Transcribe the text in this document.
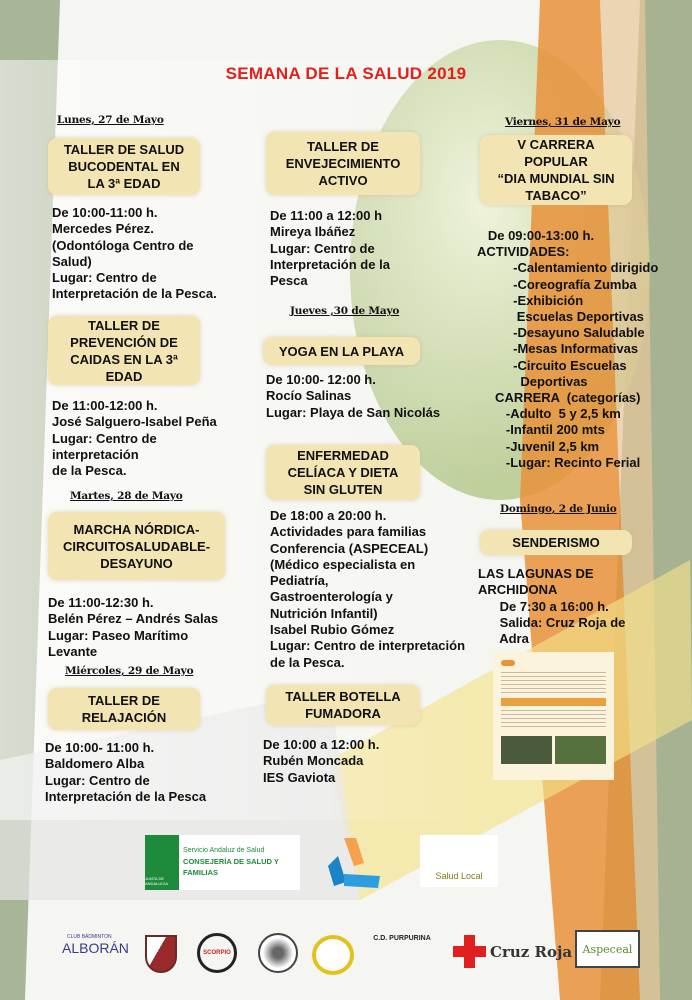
SEMANA DE LA SALUD 2019
Lunes, 27 de Mayo
TALLER DE SALUD
BUCODENTAL EN
LA 3ª EDAD
De 10:00-11:00 h.
Mercedes Pérez.
(Odontóloga Centro de
Salud)
Lugar: Centro de
Interpretación de la Pesca.
TALLER DE
PREVENCIÓN DE
CAIDAS EN LA 3ª
EDAD
De 11:00-12:00 h.
José Salguero-Isabel Peña
Lugar: Centro de
interpretación
de la Pesca.
Martes, 28 de Mayo
MARCHA NÓRDICA-
CIRCUITOSALUDABLE-
DESAYUNO
De 11:00-12:30 h.
Belén Pérez – Andrés Salas
Lugar: Paseo Marítimo
Levante
Miércoles, 29 de Mayo
TALLER DE
RELAJACIÓN
De 10:00- 11:00 h.
Baldomero Alba
Lugar: Centro de
Interpretación de la Pesca
TALLER DE
ENVEJECIMIENTO
ACTIVO
De 11:00 a 12:00 h
Mireya Ibáñez
Lugar: Centro de
Interpretación de la
Pesca
Jueves ,30 de Mayo
YOGA EN LA PLAYA
De 10:00- 12:00 h.
Rocío Salinas
Lugar: Playa de San Nicolás
ENFERMEDAD
CELÍACA Y DIETA
SIN GLUTEN
De 18:00 a 20:00 h.
Actividades para familias
Conferencia (ASPECEAL)
(Médico especialista en
Pediatría,
Gastroenterología y
Nutrición Infantil)
Isabel Rubio Gómez
Lugar: Centro de interpretación
de la Pesca.
TALLER BOTELLA
FUMADORA
De 10:00 a 12:00 h.
Rubén Moncada
IES Gaviota
Viernes, 31 de Mayo
V CARRERA
POPULAR
“DIA MUNDIAL SIN
TABACO”
De 09:00-13:00 h.
ACTIVIDADES:
-Calentamiento dirigido
-Coreografía Zumba
-Exhibición
Escuelas Deportivas
-Desayuno Saludable
-Mesas Informativas
-Circuito Escuelas
Deportivas
CARRERA  (categorías)
-Adulto  5 y 2,5 km
-Infantil 200 mts
-Juvenil 2,5 km
-Lugar: Recinto Ferial
Domingo, 2 de Junio
SENDERISMO
LAS LAGUNAS DE
ARCHIDONA
De 7:30 a 16:00 h.
Salida: Cruz Roja de
Adra
JUNTA DE ANDALUCIA
Servicio Andaluz de Salud
CONSEJERÍA DE SALUD Y FAMILIAS	Salud Local
CLUB BÁDMINTON
ALBORÁN	SCORPIO
C.D. PURPURINA
Cruz Roja Aspeceal
